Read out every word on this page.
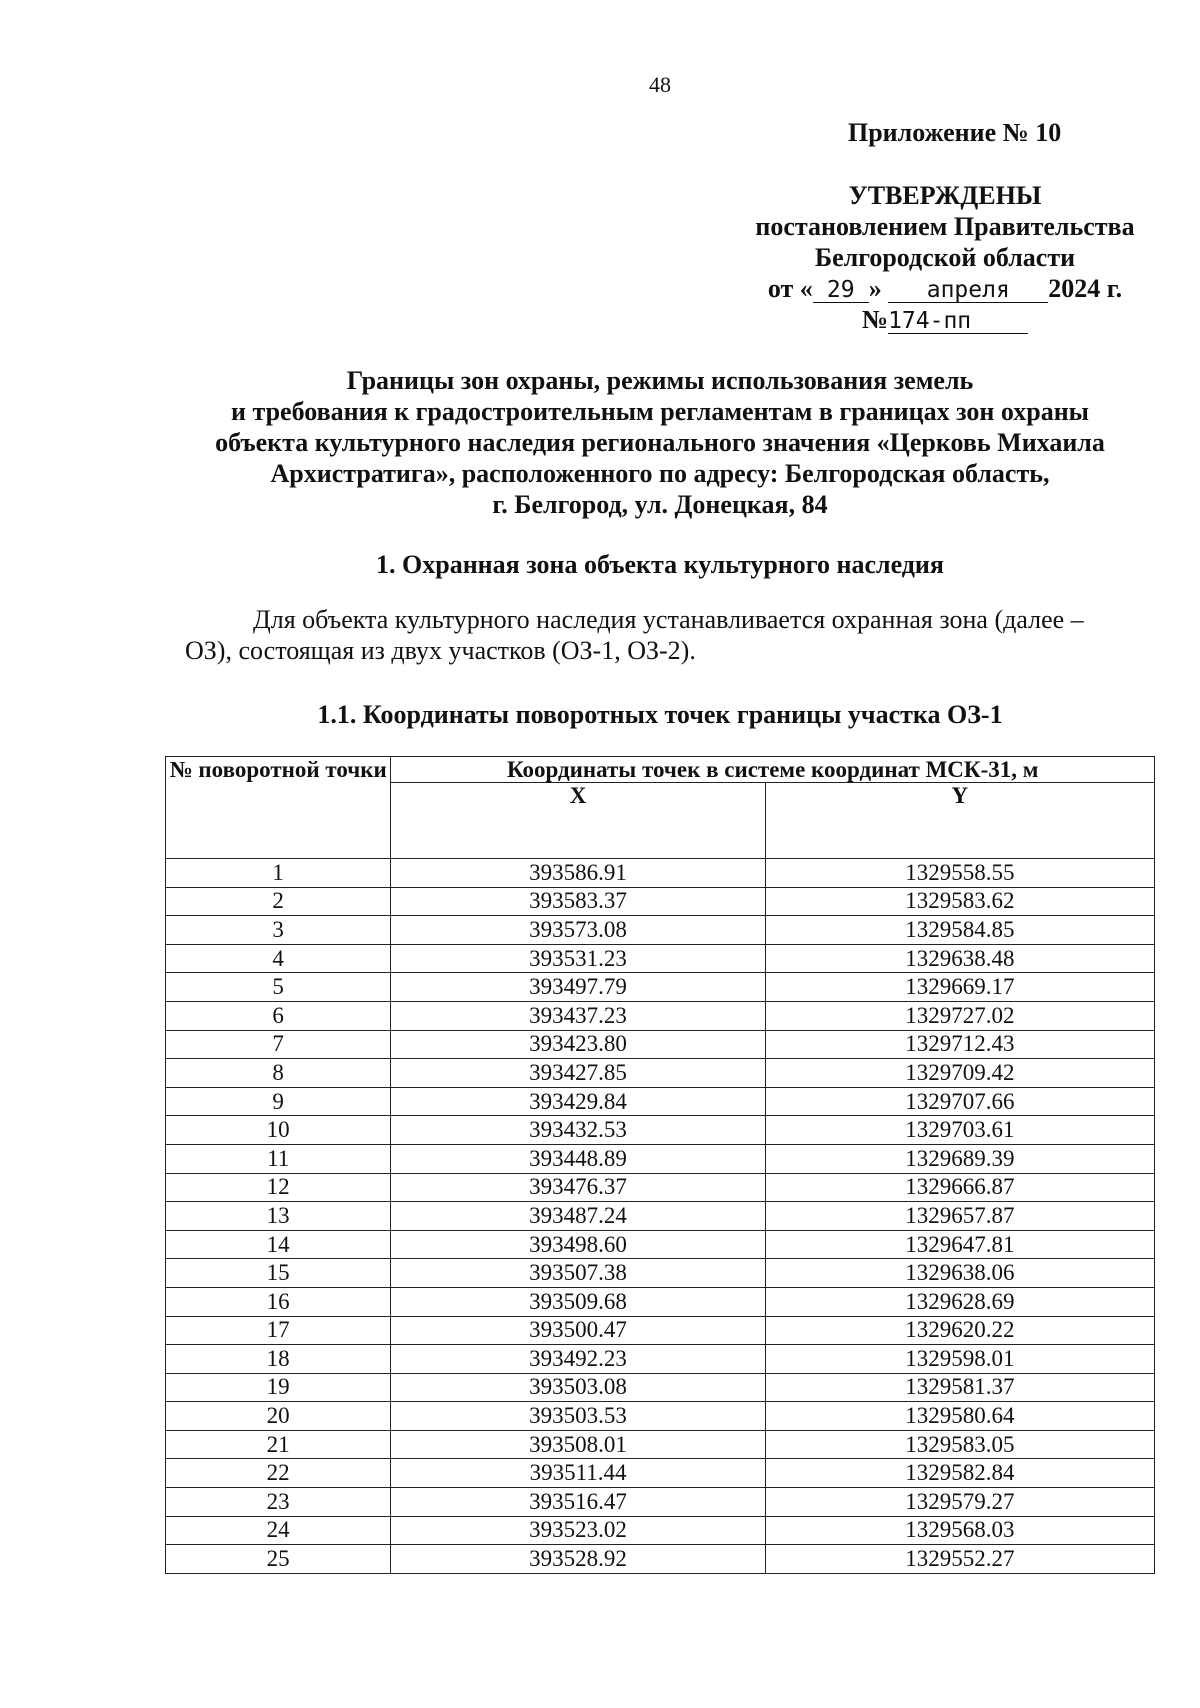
48
Приложение № 10
УТВЕРЖДЕНЫ
постановлением Правительства
Белгородской области
от « 29 » апреля 2024 г.
№174-пп
Границы зон охраны, режимы использования земель
и требования к градостроительным регламентам в границах зон охраны
объекта культурного наследия регионального значения «Церковь Михаила
Архистратига», расположенного по адресу: Белгородская область,
г. Белгород, ул. Донецкая, 84
1. Охранная зона объекта культурного наследия
Для объекта культурного наследия устанавливается охранная зона (далее –
ОЗ), состоящая из двух участков (ОЗ-1, ОЗ-2).
1.1. Координаты поворотных точек границы участка ОЗ-1
№ поворотной точки	Координаты точек в системе координат МСК-31, м	
	X	Y
1	393586.91	1329558.55
2	393583.37	1329583.62
3	393573.08	1329584.85
4	393531.23	1329638.48
5	393497.79	1329669.17
6	393437.23	1329727.02
7	393423.80	1329712.43
8	393427.85	1329709.42
9	393429.84	1329707.66
10	393432.53	1329703.61
11	393448.89	1329689.39
12	393476.37	1329666.87
13	393487.24	1329657.87
14	393498.60	1329647.81
15	393507.38	1329638.06
16	393509.68	1329628.69
17	393500.47	1329620.22
18	393492.23	1329598.01
19	393503.08	1329581.37
20	393503.53	1329580.64
21	393508.01	1329583.05
22	393511.44	1329582.84
23	393516.47	1329579.27
24	393523.02	1329568.03
25	393528.92	1329552.27
